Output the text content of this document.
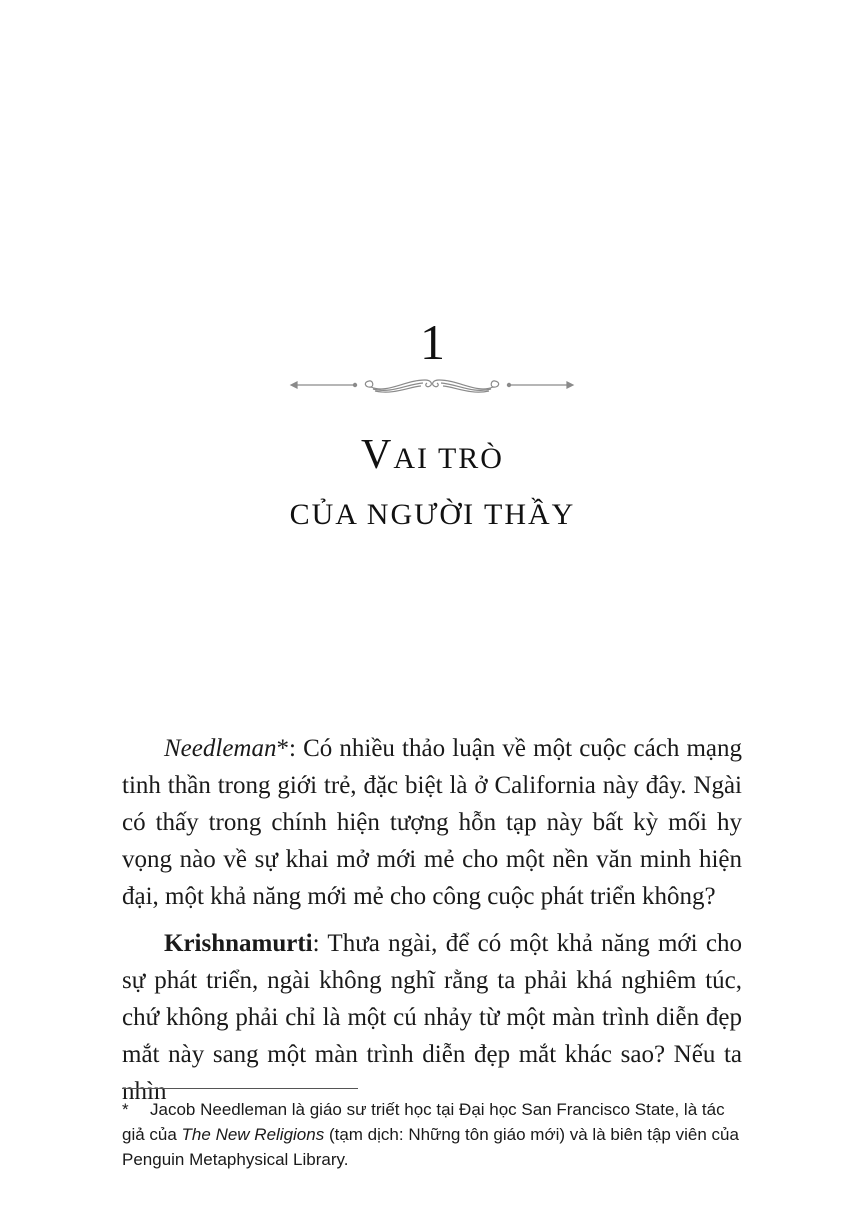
1
VAI TRÒ
CỦA NGƯỜI THẦY

Needleman*: Có nhiều thảo luận về một cuộc cách mạng tinh thần trong giới trẻ, đặc biệt là ở California này đây. Ngài có thấy trong chính hiện tượng hỗn tạp này bất kỳ mối hy vọng nào về sự khai mở mới mẻ cho một nền văn minh hiện đại, một khả năng mới mẻ cho công cuộc phát triển không?

Krishnamurti: Thưa ngài, để có một khả năng mới cho sự phát triển, ngài không nghĩ rằng ta phải khá nghiêm túc, chứ không phải chỉ là một cú nhảy từ một màn trình diễn đẹp mắt này sang một màn trình diễn đẹp mắt khác sao? Nếu ta nhìn

* Jacob Needleman là giáo sư triết học tại Đại học San Francisco State, là tác giả của The New Religions (tạm dịch: Những tôn giáo mới) và là biên tập viên của Penguin Metaphysical Library.
